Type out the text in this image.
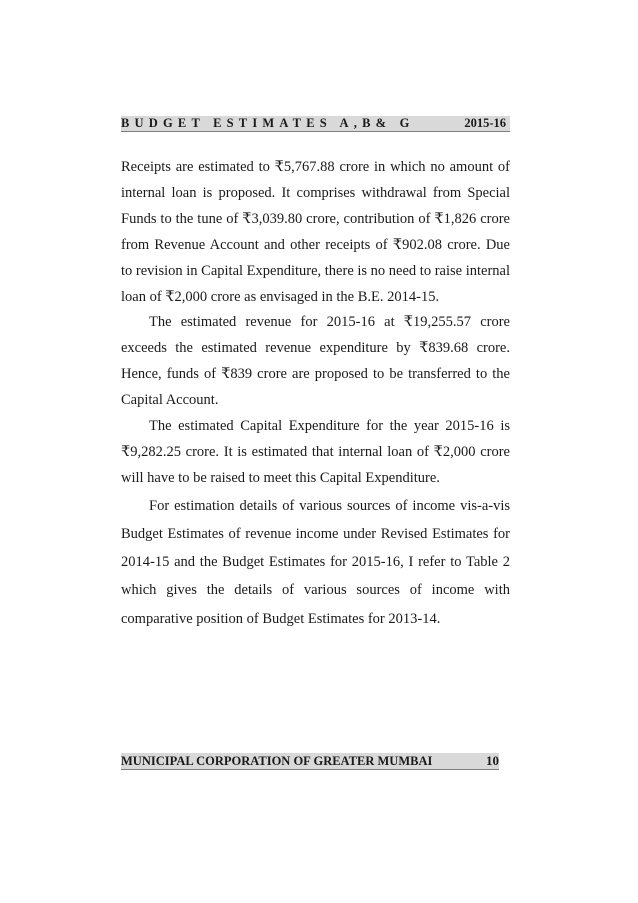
BUDGET ESTIMATES A,B& G	2015-16

Receipts are estimated to ₹5,767.88 crore in which no amount of internal loan is proposed. It comprises withdrawal from Special Funds to the tune of ₹3,039.80 crore, contribution of ₹1,826 crore from Revenue Account and other receipts of ₹902.08 crore. Due to revision in Capital Expenditure, there is no need to raise internal loan of ₹2,000 crore as envisaged in the B.E. 2014-15.

The estimated revenue for 2015-16 at ₹19,255.57 crore exceeds the estimated revenue expenditure by ₹839.68 crore. Hence, funds of ₹839 crore are proposed to be transferred to the Capital Account.

The estimated Capital Expenditure for the year 2015-16 is ₹9,282.25 crore. It is estimated that internal loan of ₹2,000 crore will have to be raised to meet this Capital Expenditure.

For estimation details of various sources of income vis-a-vis Budget Estimates of revenue income under Revised Estimates for 2014-15 and the Budget Estimates for 2015-16, I refer to Table 2 which gives the details of various sources of income with comparative position of Budget Estimates for 2013-14.

MUNICIPAL CORPORATION OF GREATER MUMBAI	10
